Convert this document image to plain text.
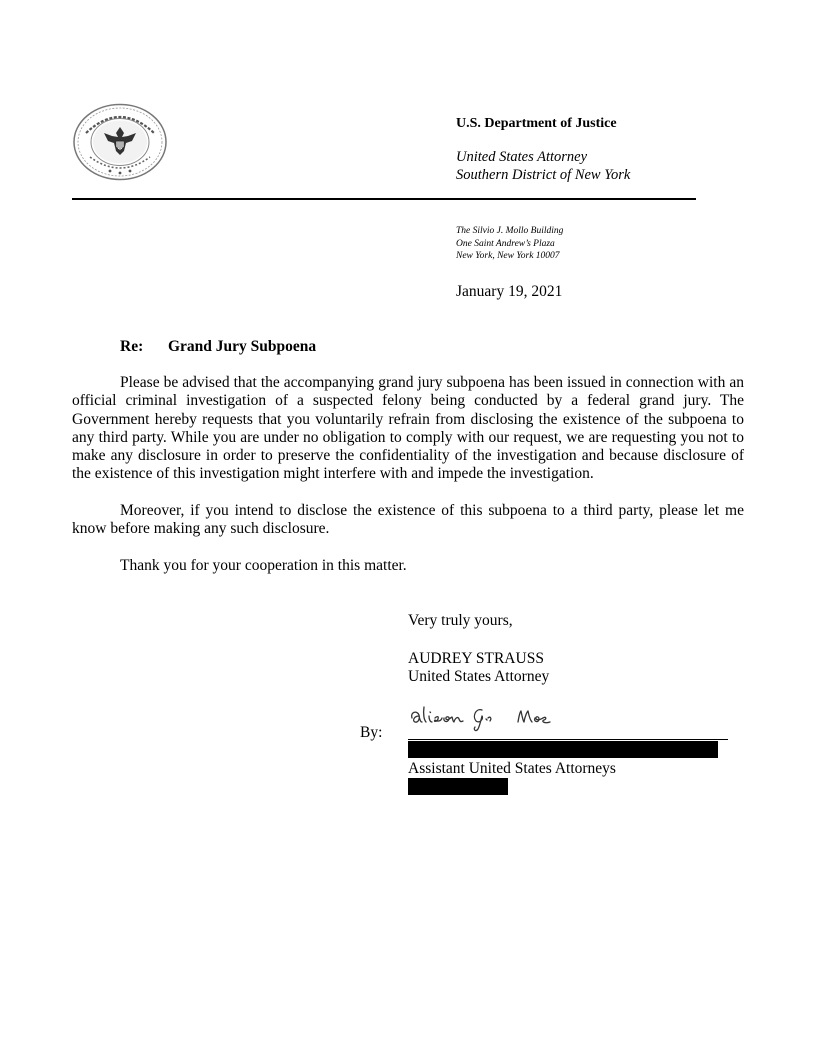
U.S. Department of Justice
United States Attorney
Southern District of New York
The Silvio J. Mollo Building
One Saint Andrew’s Plaza
New York, New York 10007
January 19, 2021
Re: Grand Jury Subpoena

Please be advised that the accompanying grand jury subpoena has been issued in connection with an official criminal investigation of a suspected felony being conducted by a federal grand jury. The Government hereby requests that you voluntarily refrain from disclosing the existence of the subpoena to any third party. While you are under no obligation to comply with our request, we are requesting you not to make any disclosure in order to preserve the confidentiality of the investigation and because disclosure of the existence of this investigation might interfere with and impede the investigation.

Moreover, if you intend to disclose the existence of this subpoena to a third party, please let me know before making any such disclosure.

Thank you for your cooperation in this matter.

Very truly yours,
AUDREY STRAUSS
United States Attorney
By:
Assistant United States Attorneys
